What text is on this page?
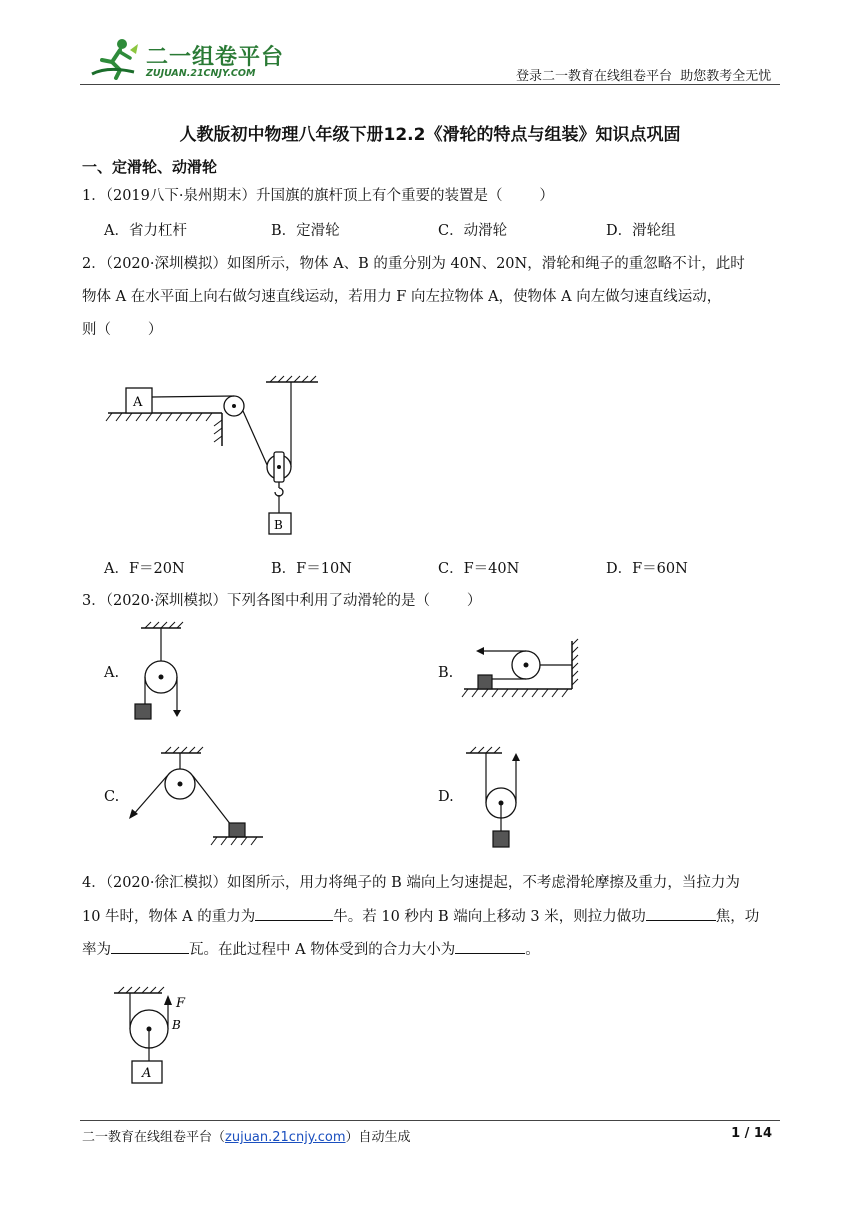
二一组卷平台
ZUJUAN.21CNJY.COM	登录二一教育在线组卷平台  助您教考全无忧
人教版初中物理八年级下册12.2《滑轮的特点与组装》知识点巩固
一、定滑轮、动滑轮
1．（2019八下·泉州期末）升国旗的旗杆顶上有个重要的装置是（        ）
A．省力杠杆	B．定滑轮	C．动滑轮	D．滑轮组
2．（2020·深圳模拟）如图所示，物体 A、B 的重分别为 40N、20N，滑轮和绳子的重忽略不计，此时
物体 A 在水平面上向右做匀速直线运动，若用力 F 向左拉物体 A，使物体 A 向左做匀速直线运动，
则（        ）
A
B
A．F＝20N	B．F＝10N	C．F＝40N	D．F＝60N
3．（2020·深圳模拟）下列各图中利用了动滑轮的是（        ）
A.	B.
C.	D.
4．（2020·徐汇模拟）如图所示，用力将绳子的 B 端向上匀速提起，不考虑滑轮摩擦及重力，当拉力为
10 牛时，物体 A 的重力为	牛。若 10 秒内 B 端向上移动 3 米，则拉力做功	焦，功
率为	瓦。在此过程中 A 物体受到的合力大小为	。
F
B
A
二一教育在线组卷平台（zujuan.21cnjy.com）自动生成	1 / 14
